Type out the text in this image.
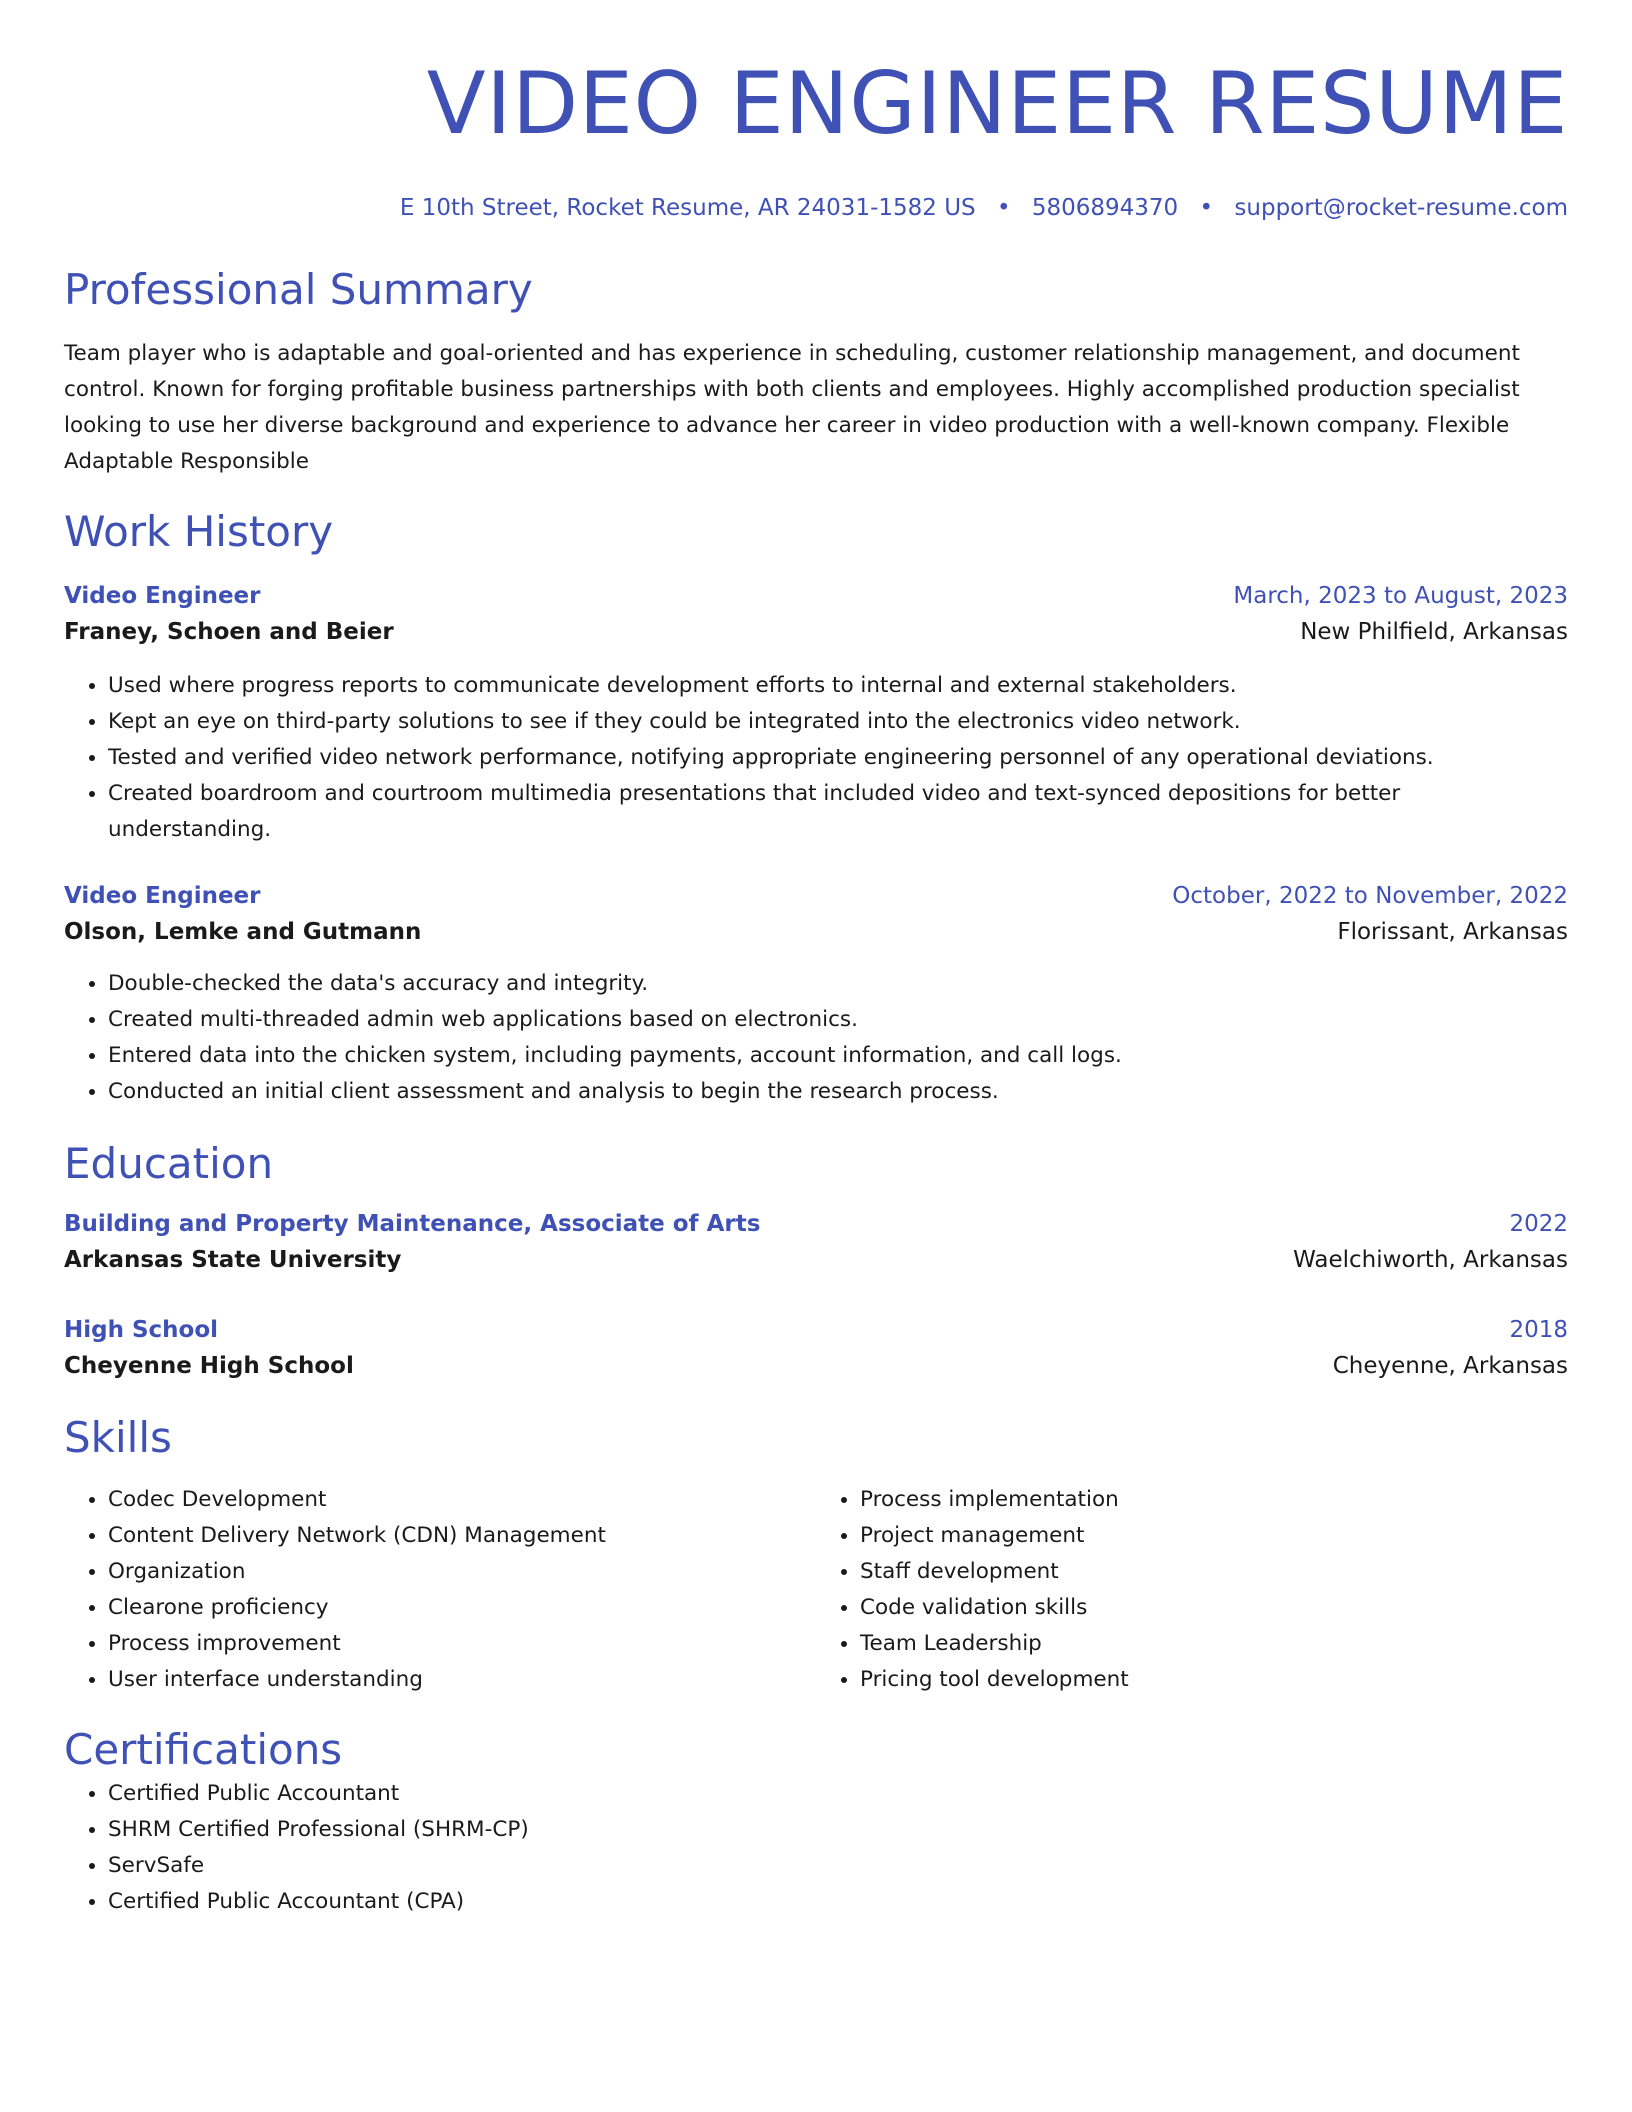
VIDEO ENGINEER RESUME
E 10th Street, Rocket Resume, AR 24031-1582 US • 5806894370 • support@rocket-resume.com
Professional Summary
Team player who is adaptable and goal-oriented and has experience in scheduling, customer relationship management, and document control. Known for forging profitable business partnerships with both clients and employees. Highly accomplished production specialist looking to use her diverse background and experience to advance her career in video production with a well-known company. Flexible Adaptable Responsible
Work History
Video Engineer	March, 2023 to August, 2023
Franey, Schoen and Beier	New Philfield, Arkansas
• Used where progress reports to communicate development efforts to internal and external stakeholders.
• Kept an eye on third-party solutions to see if they could be integrated into the electronics video network.
• Tested and verified video network performance, notifying appropriate engineering personnel of any operational deviations.
• Created boardroom and courtroom multimedia presentations that included video and text-synced depositions for better understanding.
Video Engineer	October, 2022 to November, 2022
Olson, Lemke and Gutmann	Florissant, Arkansas
• Double-checked the data's accuracy and integrity.
• Created multi-threaded admin web applications based on electronics.
• Entered data into the chicken system, including payments, account information, and call logs.
• Conducted an initial client assessment and analysis to begin the research process.
Education
Building and Property Maintenance, Associate of Arts	2022
Arkansas State University	Waelchiworth, Arkansas
High School	2018
Cheyenne High School	Cheyenne, Arkansas
Skills
• Codec Development
• Content Delivery Network (CDN) Management
• Organization
• Clearone proficiency
• Process improvement
• User interface understanding
• Process implementation
• Project management
• Staff development
• Code validation skills
• Team Leadership
• Pricing tool development
Certifications
• Certified Public Accountant
• SHRM Certified Professional (SHRM-CP)
• ServSafe
• Certified Public Accountant (CPA)
